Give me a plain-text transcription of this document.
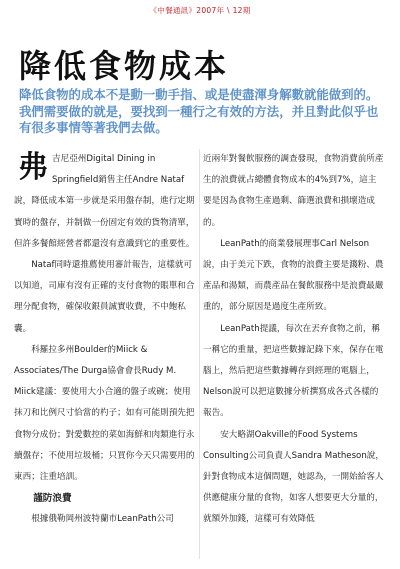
《中餐通訊》2007年 \ 12期
降低食物成本
降低食物的成本不是動一動手指、或是使盡渾身解數就能做到的。我們需要做的就是，要找到一種行之有效的方法，并且對此似乎也有很多事情等著我們去做。

弗吉尼亞州Digital Dining in Springfield銷售主任Andre Nataf說，降低成本第一步就是采用盤存制，進行定期實時的盤存，并制做一份固定有效的貨物清單，但許多餐館經營者都還沒有意識到它的重要性。

Nataf同時還推薦使用審計報告，這樣就可以知道，司庫有沒有正確的支付食物的賬單和合理分配食物，確保收銀員誠實收費，不中飽私囊。

科羅拉多州Boulder的Miick & Associates/The Durga協會會長Rudy M. Miick建議：要使用大小合適的盤子或碗；使用抹刀和比例尺寸恰當的杓子；如有可能則預先把食物分成份；對愛數控的菜如海鮮和肉類進行永續盤存；不使用垃圾桶；只買你今天只需要用的東西；注重培訓。

謹防浪費

根據俄勒岡州波特蘭市LeanPath公司

近兩年對餐飲服務的調查發現，食物消費前所產生的浪費就占總體食物成本的4%到7%，這主要是因為食物生產過剩、篩選浪費和損壞造成的。

LeanPath的商業發展理事Carl Nelson說，由于美元下跌，食物的浪費主要是濺粉、農產品和湯類，而農產品在餐飲服務中是浪費最嚴重的，部分原因是過度生產所致。

LeanPath提議，每次在丟弃食物之前，稱一稱它的重量，把這些數據記錄下來，保存在電腦上，然后把這些數據轉存到經理的電腦上，Nelson說可以把這數據分析撰寫成各式各樣的報告。

安大略湖Oakville的Food Systems Consulting公司負責人Sandra Matheson說，針對食物成本這個問題，她認為，一開始給客人供應健康分量的食物，如客人想要更大分量的，就額外加錢，這樣可有效降低
